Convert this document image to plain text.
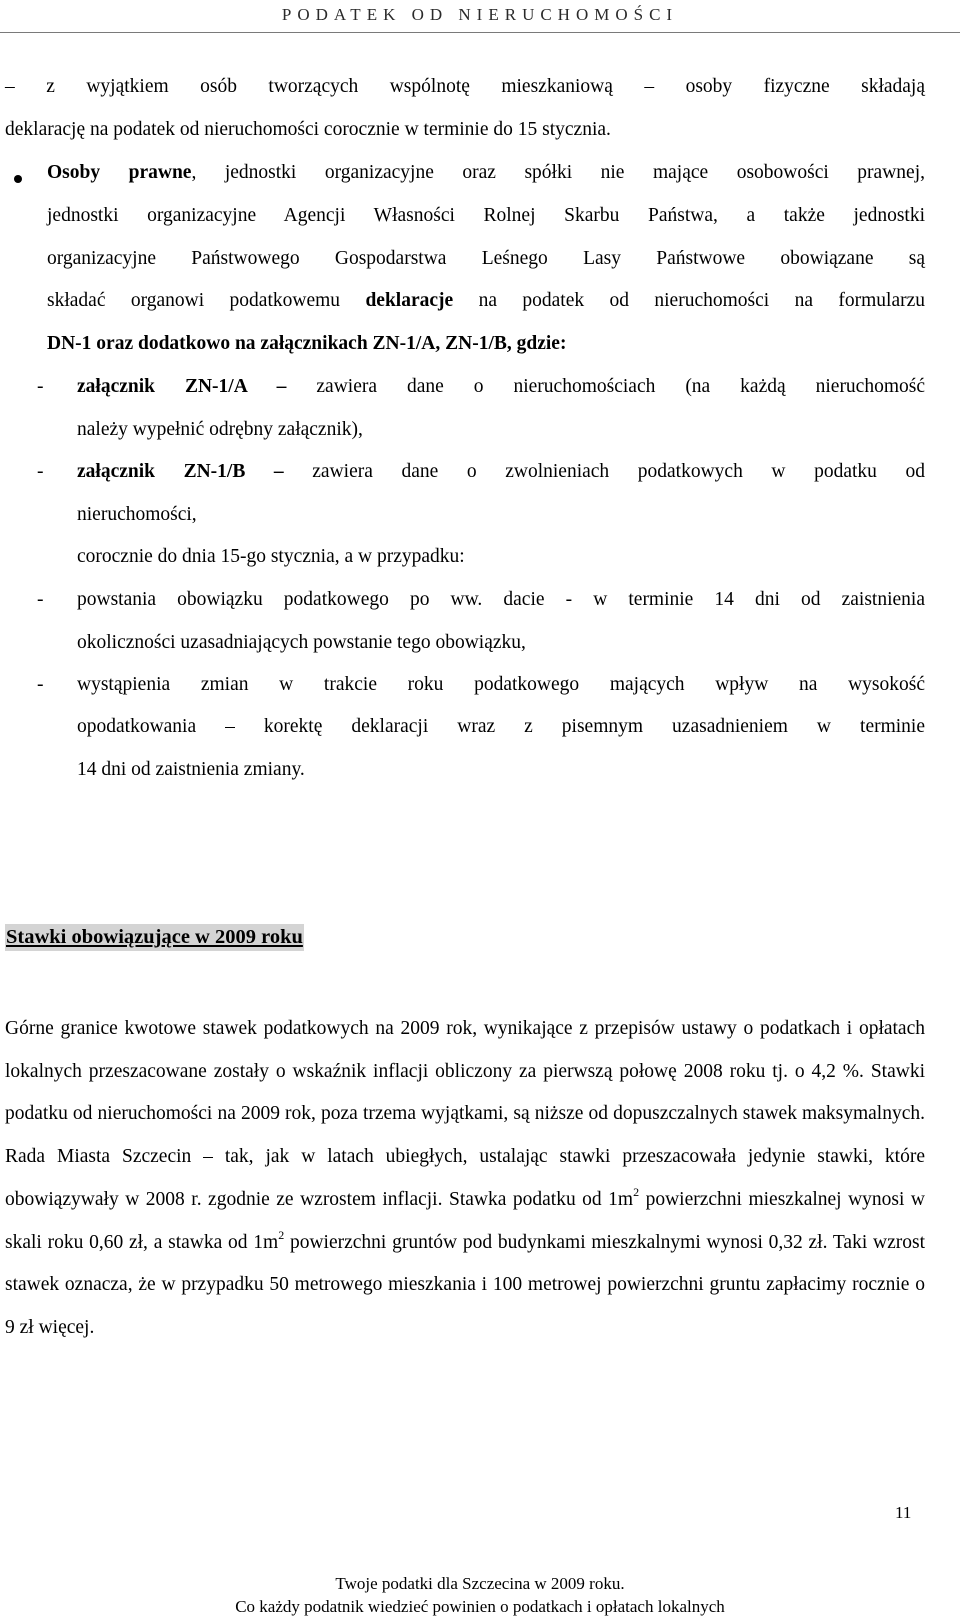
PODATEK OD NIERUCHOMOŚCI
– z wyjątkiem osób tworzących wspólnotę mieszkaniową – osoby fizyczne składają
deklarację na podatek od nieruchomości corocznie w terminie do 15 stycznia.
Osoby prawne, jednostki organizacyjne oraz spółki nie mające osobowości prawnej,
jednostki organizacyjne Agencji Własności Rolnej Skarbu Państwa, a także jednostki
organizacyjne Państwowego Gospodarstwa Leśnego Lasy Państwowe obowiązane są
składać organowi podatkowemu deklaracje na podatek od nieruchomości na formularzu
DN-1 oraz dodatkowo na załącznikach ZN-1/A, ZN-1/B, gdzie:
- załącznik ZN-1/A – zawiera dane o nieruchomościach (na każdą nieruchomość
należy wypełnić odrębny załącznik),
- załącznik ZN-1/B – zawiera dane o zwolnieniach podatkowych w podatku od
nieruchomości,
corocznie do dnia 15-go stycznia, a w przypadku:
- powstania obowiązku podatkowego po ww. dacie - w terminie 14 dni od zaistnienia
okoliczności uzasadniających powstanie tego obowiązku,
- wystąpienia zmian w trakcie roku podatkowego mających wpływ na wysokość
opodatkowania – korektę deklaracji wraz z pisemnym uzasadnieniem w terminie
14 dni od zaistnienia zmiany.
Stawki obowiązujące w 2009 roku
Górne granice kwotowe stawek podatkowych na 2009 rok, wynikające z przepisów ustawy o podatkach i opłatach lokalnych przeszacowane zostały o wskaźnik inflacji obliczony za pierwszą połowę 2008 roku tj. o 4,2 %. Stawki podatku od nieruchomości na 2009 rok, poza trzema wyjątkami, są niższe od dopuszczalnych stawek maksymalnych. Rada Miasta Szczecin – tak, jak w latach ubiegłych, ustalając stawki przeszacowała jedynie stawki, które obowiązywały w 2008 r. zgodnie ze wzrostem inflacji. Stawka podatku od $1m^2$ powierzchni mieszkalnej wynosi w skali roku 0,60 zł, a stawka od $1m^2$ powierzchni gruntów pod budynkami mieszkalnymi wynosi 0,32 zł. Taki wzrost stawek oznacza, że w przypadku 50 metrowego mieszkania i 100 metrowej powierzchni gruntu zapłacimy rocznie o 9 zł więcej.
11
Twoje podatki dla Szczecina w 2009 roku.
Co każdy podatnik wiedzieć powinien o podatkach i opłatach lokalnych
